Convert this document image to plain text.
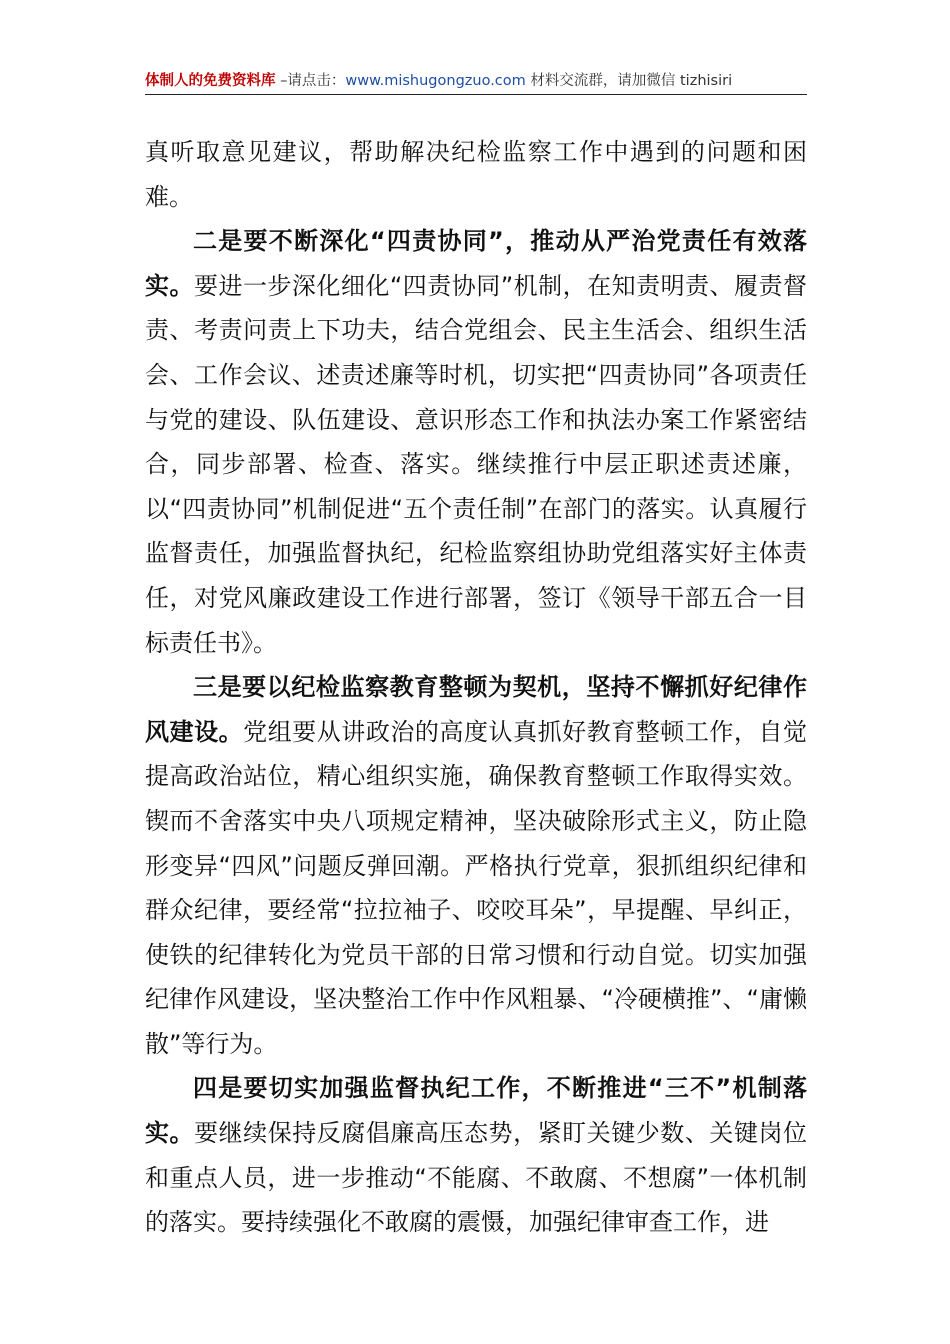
体制人的免费资料库 –请点击：www.mishugongzuo.com 材料交流群，请加微信 tizhisiri

真听取意见建议，帮助解决纪检监察工作中遇到的问题和困难。

二是要不断深化“四责协同”，推动从严治党责任有效落实。要进一步深化细化“四责协同”机制，在知责明责、履责督责、考责问责上下功夫，结合党组会、民主生活会、组织生活会、工作会议、述责述廉等时机，切实把“四责协同”各项责任与党的建设、队伍建设、意识形态工作和执法办案工作紧密结合，同步部署、检查、落实。继续推行中层正职述责述廉，以“四责协同”机制促进“五个责任制”在部门的落实。认真履行监督责任，加强监督执纪，纪检监察组协助党组落实好主体责任，对党风廉政建设工作进行部署，签订《领导干部五合一目标责任书》。

三是要以纪检监察教育整顿为契机，坚持不懈抓好纪律作风建设。党组要从讲政治的高度认真抓好教育整顿工作，自觉提高政治站位，精心组织实施，确保教育整顿工作取得实效。锲而不舍落实中央八项规定精神，坚决破除形式主义，防止隐形变异“四风”问题反弹回潮。严格执行党章，狠抓组织纪律和群众纪律，要经常“拉拉袖子、咬咬耳朵”，早提醒、早纠正，使铁的纪律转化为党员干部的日常习惯和行动自觉。切实加强纪律作风建设，坚决整治工作中作风粗暴、“冷硬横推”、“庸懒散”等行为。

四是要切实加强监督执纪工作，不断推进“三不”机制落实。要继续保持反腐倡廉高压态势，紧盯关键少数、关键岗位和重点人员，进一步推动“不能腐、不敢腐、不想腐”一体机制的落实。要持续强化不敢腐的震慑，加强纪律审查工作，进
